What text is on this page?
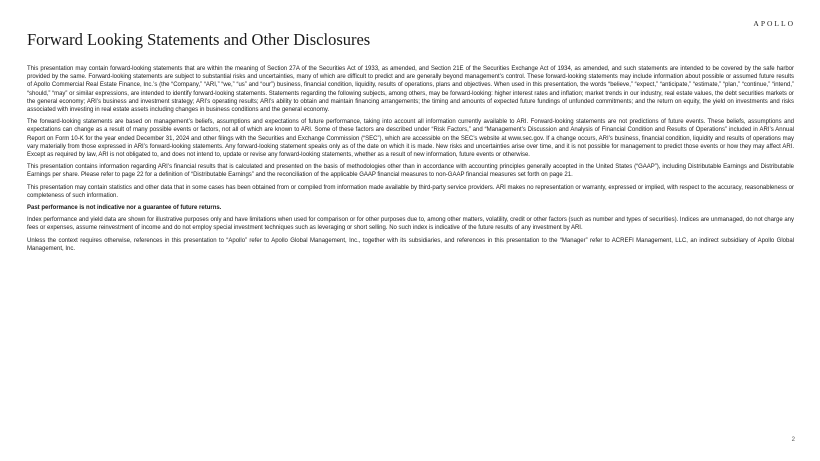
APOLLO
Forward Looking Statements and Other Disclosures

This presentation may contain forward-looking statements that are within the meaning of Section 27A of the Securities Act of 1933, as amended, and Section 21E of the Securities Exchange Act of 1934, as amended, and such statements are intended to be covered by the safe harbor provided by the same. Forward-looking statements are subject to substantial risks and uncertainties, many of which are difficult to predict and are generally beyond management’s control. These forward-looking statements may include information about possible or assumed future results of Apollo Commercial Real Estate Finance, Inc.’s (the “Company,” “ARI,” “we,” “us” and “our”) business, financial condition, liquidity, results of operations, plans and objectives. When used in this presentation, the words “believe,” “expect,” “anticipate,” “estimate,” “plan,” “continue,” “intend,” “should,” “may” or similar expressions, are intended to identify forward-looking statements. Statements regarding the following subjects, among others, may be forward-looking: higher interest rates and inflation; market trends in our industry, real estate values, the debt securities markets or the general economy; ARI’s business and investment strategy; ARI’s operating results; ARI’s ability to obtain and maintain financing arrangements; the timing and amounts of expected future fundings of unfunded commitments; and the return on equity, the yield on investments and risks associated with investing in real estate assets including changes in business conditions and the general economy.

The forward-looking statements are based on management’s beliefs, assumptions and expectations of future performance, taking into account all information currently available to ARI. Forward-looking statements are not predictions of future events. These beliefs, assumptions and expectations can change as a result of many possible events or factors, not all of which are known to ARI. Some of these factors are described under “Risk Factors,” and “Management’s Discussion and Analysis of Financial Condition and Results of Operations” included in ARI’s Annual Report on Form 10-K for the year ended December 31, 2024 and other filings with the Securities and Exchange Commission (“SEC”), which are accessible on the SEC’s website at www.sec.gov. If a change occurs, ARI’s business, financial condition, liquidity and results of operations may vary materially from those expressed in ARI’s forward-looking statements. Any forward-looking statement speaks only as of the date on which it is made. New risks and uncertainties arise over time, and it is not possible for management to predict those events or how they may affect ARI. Except as required by law, ARI is not obligated to, and does not intend to, update or revise any forward-looking statements, whether as a result of new information, future events or otherwise.

This presentation contains information regarding ARI’s financial results that is calculated and presented on the basis of methodologies other than in accordance with accounting principles generally accepted in the United States (“GAAP”), including Distributable Earnings and Distributable Earnings per share. Please refer to page 22 for a definition of “Distributable Earnings” and the reconciliation of the applicable GAAP financial measures to non-GAAP financial measures set forth on page 21.

This presentation may contain statistics and other data that in some cases has been obtained from or compiled from information made available by third-party service providers. ARI makes no representation or warranty, expressed or implied, with respect to the accuracy, reasonableness or completeness of such information.

Past performance is not indicative nor a guarantee of future returns.

Index performance and yield data are shown for illustrative purposes only and have limitations when used for comparison or for other purposes due to, among other matters, volatility, credit or other factors (such as number and types of securities). Indices are unmanaged, do not charge any fees or expenses, assume reinvestment of income and do not employ special investment techniques such as leveraging or short selling. No such index is indicative of the future results of any investment by ARI.

Unless the context requires otherwise, references in this presentation to “Apollo” refer to Apollo Global Management, Inc., together with its subsidiaries, and references in this presentation to the “Manager” refer to ACREFI Management, LLC, an indirect subsidiary of Apollo Global Management, Inc.

2
